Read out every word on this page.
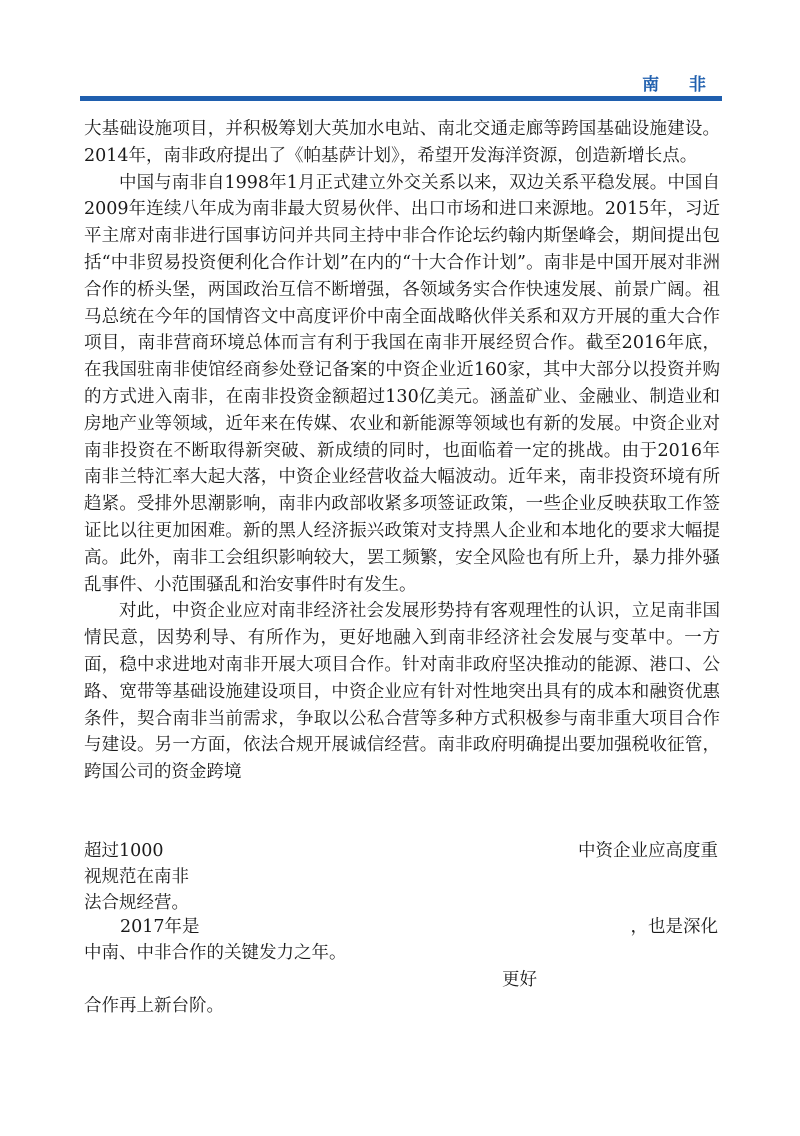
南 非

大基础设施项目，并积极筹划大英加水电站、南北交通走廊等跨国基础设施建设。2014年，南非政府提出了《帕基萨计划》，希望开发海洋资源，创造新增长点。

中国与南非自1998年1月正式建立外交关系以来，双边关系平稳发展。中国自2009年连续八年成为南非最大贸易伙伴、出口市场和进口来源地。2015年，习近平主席对南非进行国事访问并共同主持中非合作论坛约翰内斯堡峰会，期间提出包括“中非贸易投资便利化合作计划”在内的“十大合作计划”。南非是中国开展对非洲合作的桥头堡，两国政治互信不断增强，各领域务实合作快速发展、前景广阔。祖马总统在今年的国情咨文中高度评价中南全面战略伙伴关系和双方开展的重大合作项目，南非营商环境总体而言有利于我国在南非开展经贸合作。截至2016年底，在我国驻南非使馆经商参处登记备案的中资企业近160家，其中大部分以投资并购的方式进入南非，在南非投资金额超过130亿美元。涵盖矿业、金融业、制造业和房地产业等领域，近年来在传媒、农业和新能源等领域也有新的发展。中资企业对南非投资在不断取得新突破、新成绩的同时，也面临着一定的挑战。由于2016年南非兰特汇率大起大落，中资企业经营收益大幅波动。近年来，南非投资环境有所趋紧。受排外思潮影响，南非内政部收紧多项签证政策，一些企业反映获取工作签证比以往更加困难。新的黑人经济振兴政策对支持黑人企业和本地化的要求大幅提高。此外，南非工会组织影响较大，罢工频繁，安全风险也有所上升，暴力排外骚乱事件、小范围骚乱和治安事件时有发生。

对此，中资企业应对南非经济社会发展形势持有客观理性的认识，立足南非国情民意，因势利导、有所作为，更好地融入到南非经济社会发展与变革中。一方面，稳中求进地对南非开展大项目合作。针对南非政府坚决推动的能源、港口、公路、宽带等基础设施建设项目，中资企业应有针对性地突出具有的成本和融资优惠条件，契合南非当前需求，争取以公私合营等多种方式积极参与南非重大项目合作与建设。另一方面，依法合规开展诚信经营。南非政府明确提出要加强税收征管，跨国公司的资金跨境

超过1000	中资企业应高度重
视规范在南非
法合规经营。
2017年是	，也是深化
中南、中非合作的关键发力之年。
更好
合作再上新台阶。
